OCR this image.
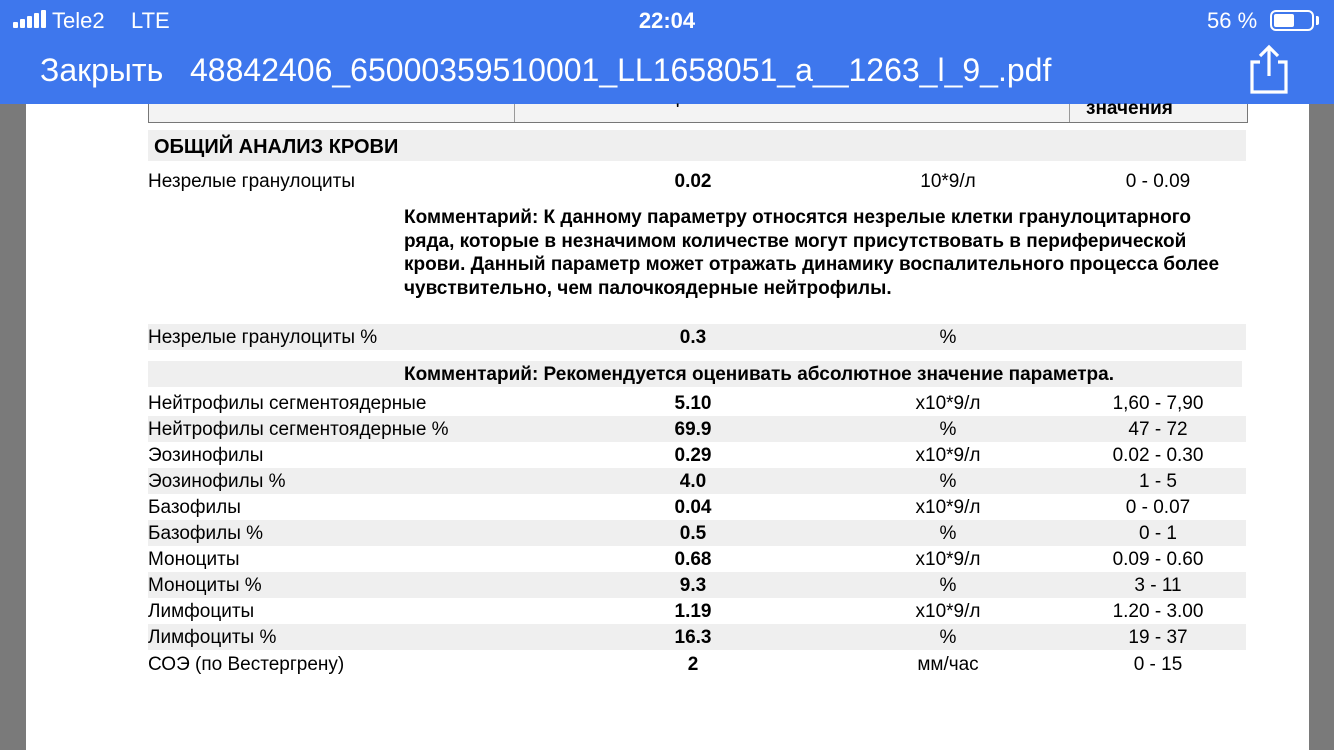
Tele2 LTE	22:04	56 %
Закрыть 48842406_65000359510001_LL1658051_a__1263_l_9_.pdf
'	значения
ОБЩИЙ АНАЛИЗ КРОВИ
Незрелые гранулоциты	0.02	10*9/л	0 - 0.09
Комментарий: К данному параметру относятся незрелые клетки гранулоцитарного ряда, которые в незначимом количестве могут присутствовать в периферической крови. Данный параметр может отражать динамику воспалительного процесса более чувствительно, чем палочкоядерные нейтрофилы.
Незрелые гранулоциты %	0.3	%
Комментарий: Рекомендуется оценивать абсолютное значение параметра.
Нейтрофилы сегментоядерные	5.10	х10*9/л	1,60 - 7,90
Нейтрофилы сегментоядерные %	69.9	%	47 - 72
Эозинофилы	0.29	х10*9/л	0.02 - 0.30
Эозинофилы %	4.0	%	1 - 5
Базофилы	0.04	х10*9/л	0 - 0.07
Базофилы %	0.5	%	0 - 1
Моноциты	0.68	х10*9/л	0.09 - 0.60
Моноциты %	9.3	%	3 - 11
Лимфоциты	1.19	х10*9/л	1.20 - 3.00
Лимфоциты %	16.3	%	19 - 37
СОЭ (по Вестергрену)	2	мм/час	0 - 15
